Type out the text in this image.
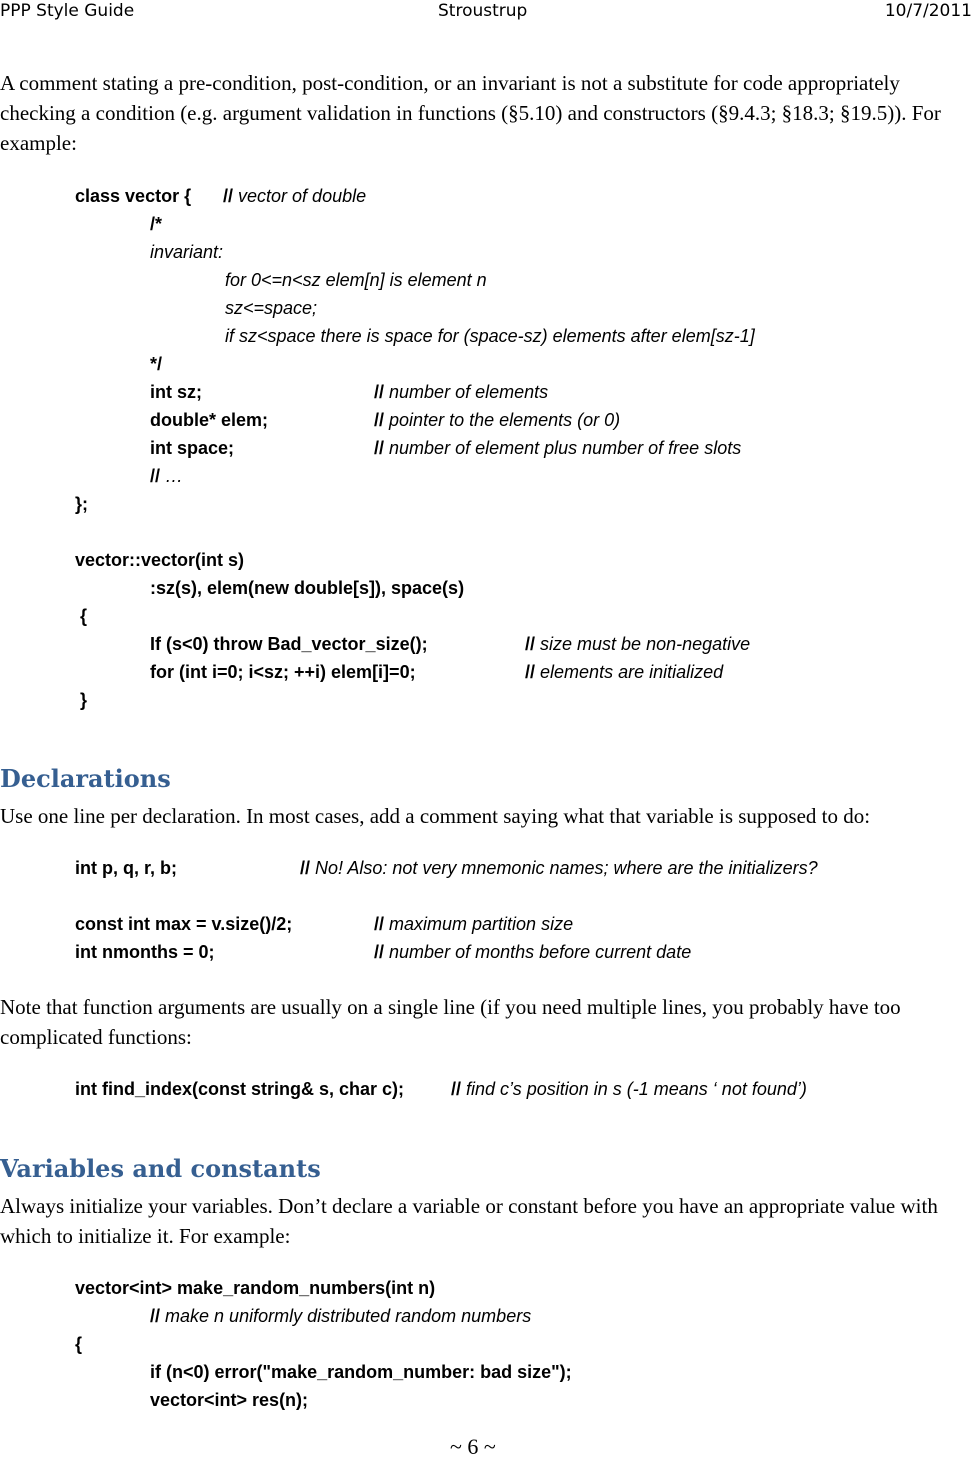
PPP Style Guide	Stroustrup	10/7/2011
A comment stating a pre-condition, post-condition, or an invariant is not a substitute for code appropriately checking a condition (e.g. argument validation in functions (§5.10) and constructors (§9.4.3; §18.3; §19.5)). For example:
class vector { // vector of double
/*
invariant:
for 0<=n<sz elem[n] is element n
sz<=space;
if sz<space there is space for (space-sz) elements after elem[sz-1]
*/
int sz;	// number of elements
double* elem;	// pointer to the elements (or 0)
int space;	// number of element plus number of free slots
// …
};
vector::vector(int s)
:sz(s), elem(new double[s]), space(s)
{
If (s<0) throw Bad_vector_size();	// size must be non-negative
for (int i=0; i<sz; ++i) elem[i]=0;	// elements are initialized
}
Declarations
Use one line per declaration. In most cases, add a comment saying what that variable is supposed to do:
int p, q, r, b;	// No! Also: not very mnemonic names; where are the initializers?
const int max = v.size()/2;	// maximum partition size
int nmonths = 0;	// number of months before current date
Note that function arguments are usually on a single line (if you need multiple lines, you probably have too complicated functions:
int find_index(const string& s, char c);	// find c’s position in s (-1 means ‘ not found’)
Variables and constants
Always initialize your variables. Don’t declare a variable or constant before you have an appropriate value with which to initialize it. For example:
vector<int> make_random_numbers(int n)
// make n uniformly distributed random numbers
{
if (n<0) error("make_random_number: bad size");
vector<int> res(n);
~ 6 ~
